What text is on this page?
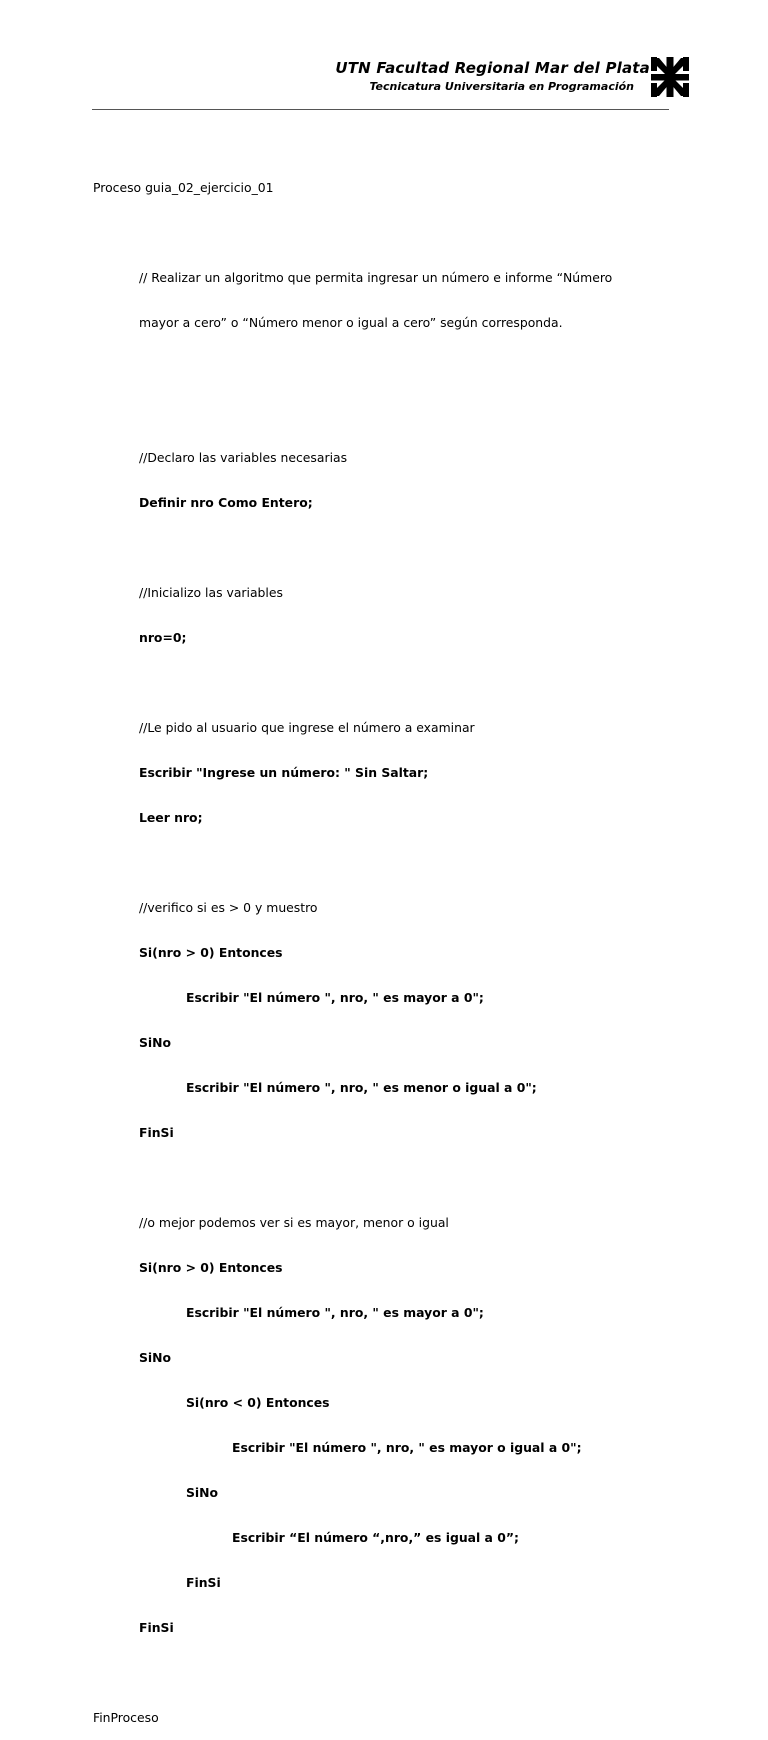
UTN Facultad Regional Mar del Plata
Tecnicatura Universitaria en Programación

Proceso guia_02_ejercicio_01

// Realizar un algoritmo que permita ingresar un número e informe “Número

mayor a cero” o “Número menor o igual a cero” según corresponda.

//Declaro las variables necesarias

Definir nro Como Entero;

//Inicializo las variables

nro=0;

//Le pido al usuario que ingrese el número a examinar

Escribir "Ingrese un número: " Sin Saltar;

Leer nro;

//verifico si es > 0 y muestro

Si(nro > 0) Entonces

Escribir "El número ", nro, " es mayor a 0";

SiNo

Escribir "El número ", nro, " es menor o igual a 0";

FinSi

//o mejor podemos ver si es mayor, menor o igual

Si(nro > 0) Entonces

Escribir "El número ", nro, " es mayor a 0";

SiNo

Si(nro < 0) Entonces

Escribir "El número ", nro, " es mayor o igual a 0";

SiNo

Escribir “El número “,nro,” es igual a 0”;

FinSi

FinSi

FinProceso
